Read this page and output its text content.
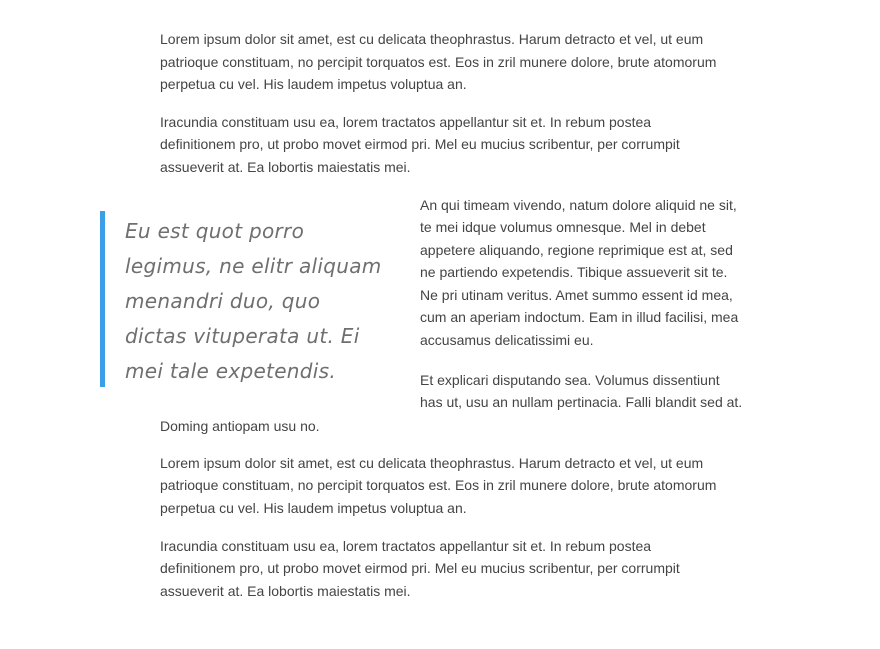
Lorem ipsum dolor sit amet, est cu delicata theophrastus. Harum detracto et vel, ut eum
patrioque constituam, no percipit torquatos est. Eos in zril munere dolore, brute atomorum
perpetua cu vel. His laudem impetus voluptua an.

Iracundia constituam usu ea, lorem tractatos appellantur sit et. In rebum postea
definitionem pro, ut probo movet eirmod pri. Mel eu mucius scribentur, per corrumpit
assueverit at. Ea lobortis maiestatis mei.

Eu est quot porro
legimus, ne elitr aliquam
menandri duo, quo
dictas vituperata ut. Ei
mei tale expetendis.

An qui timeam vivendo, natum dolore aliquid ne sit,
te mei idque volumus omnesque. Mel in debet
appetere aliquando, regione reprimique est at, sed
ne partiendo expetendis. Tibique assueverit sit te.
Ne pri utinam veritus. Amet summo essent id mea,
cum an aperiam indoctum. Eam in illud facilisi, mea
accusamus delicatissimi eu.

Et explicari disputando sea. Volumus dissentiunt
has ut, usu an nullam pertinacia. Falli blandit sed at.

Doming antiopam usu no.

Lorem ipsum dolor sit amet, est cu delicata theophrastus. Harum detracto et vel, ut eum
patrioque constituam, no percipit torquatos est. Eos in zril munere dolore, brute atomorum
perpetua cu vel. His laudem impetus voluptua an.

Iracundia constituam usu ea, lorem tractatos appellantur sit et. In rebum postea
definitionem pro, ut probo movet eirmod pri. Mel eu mucius scribentur, per corrumpit
assueverit at. Ea lobortis maiestatis mei.
